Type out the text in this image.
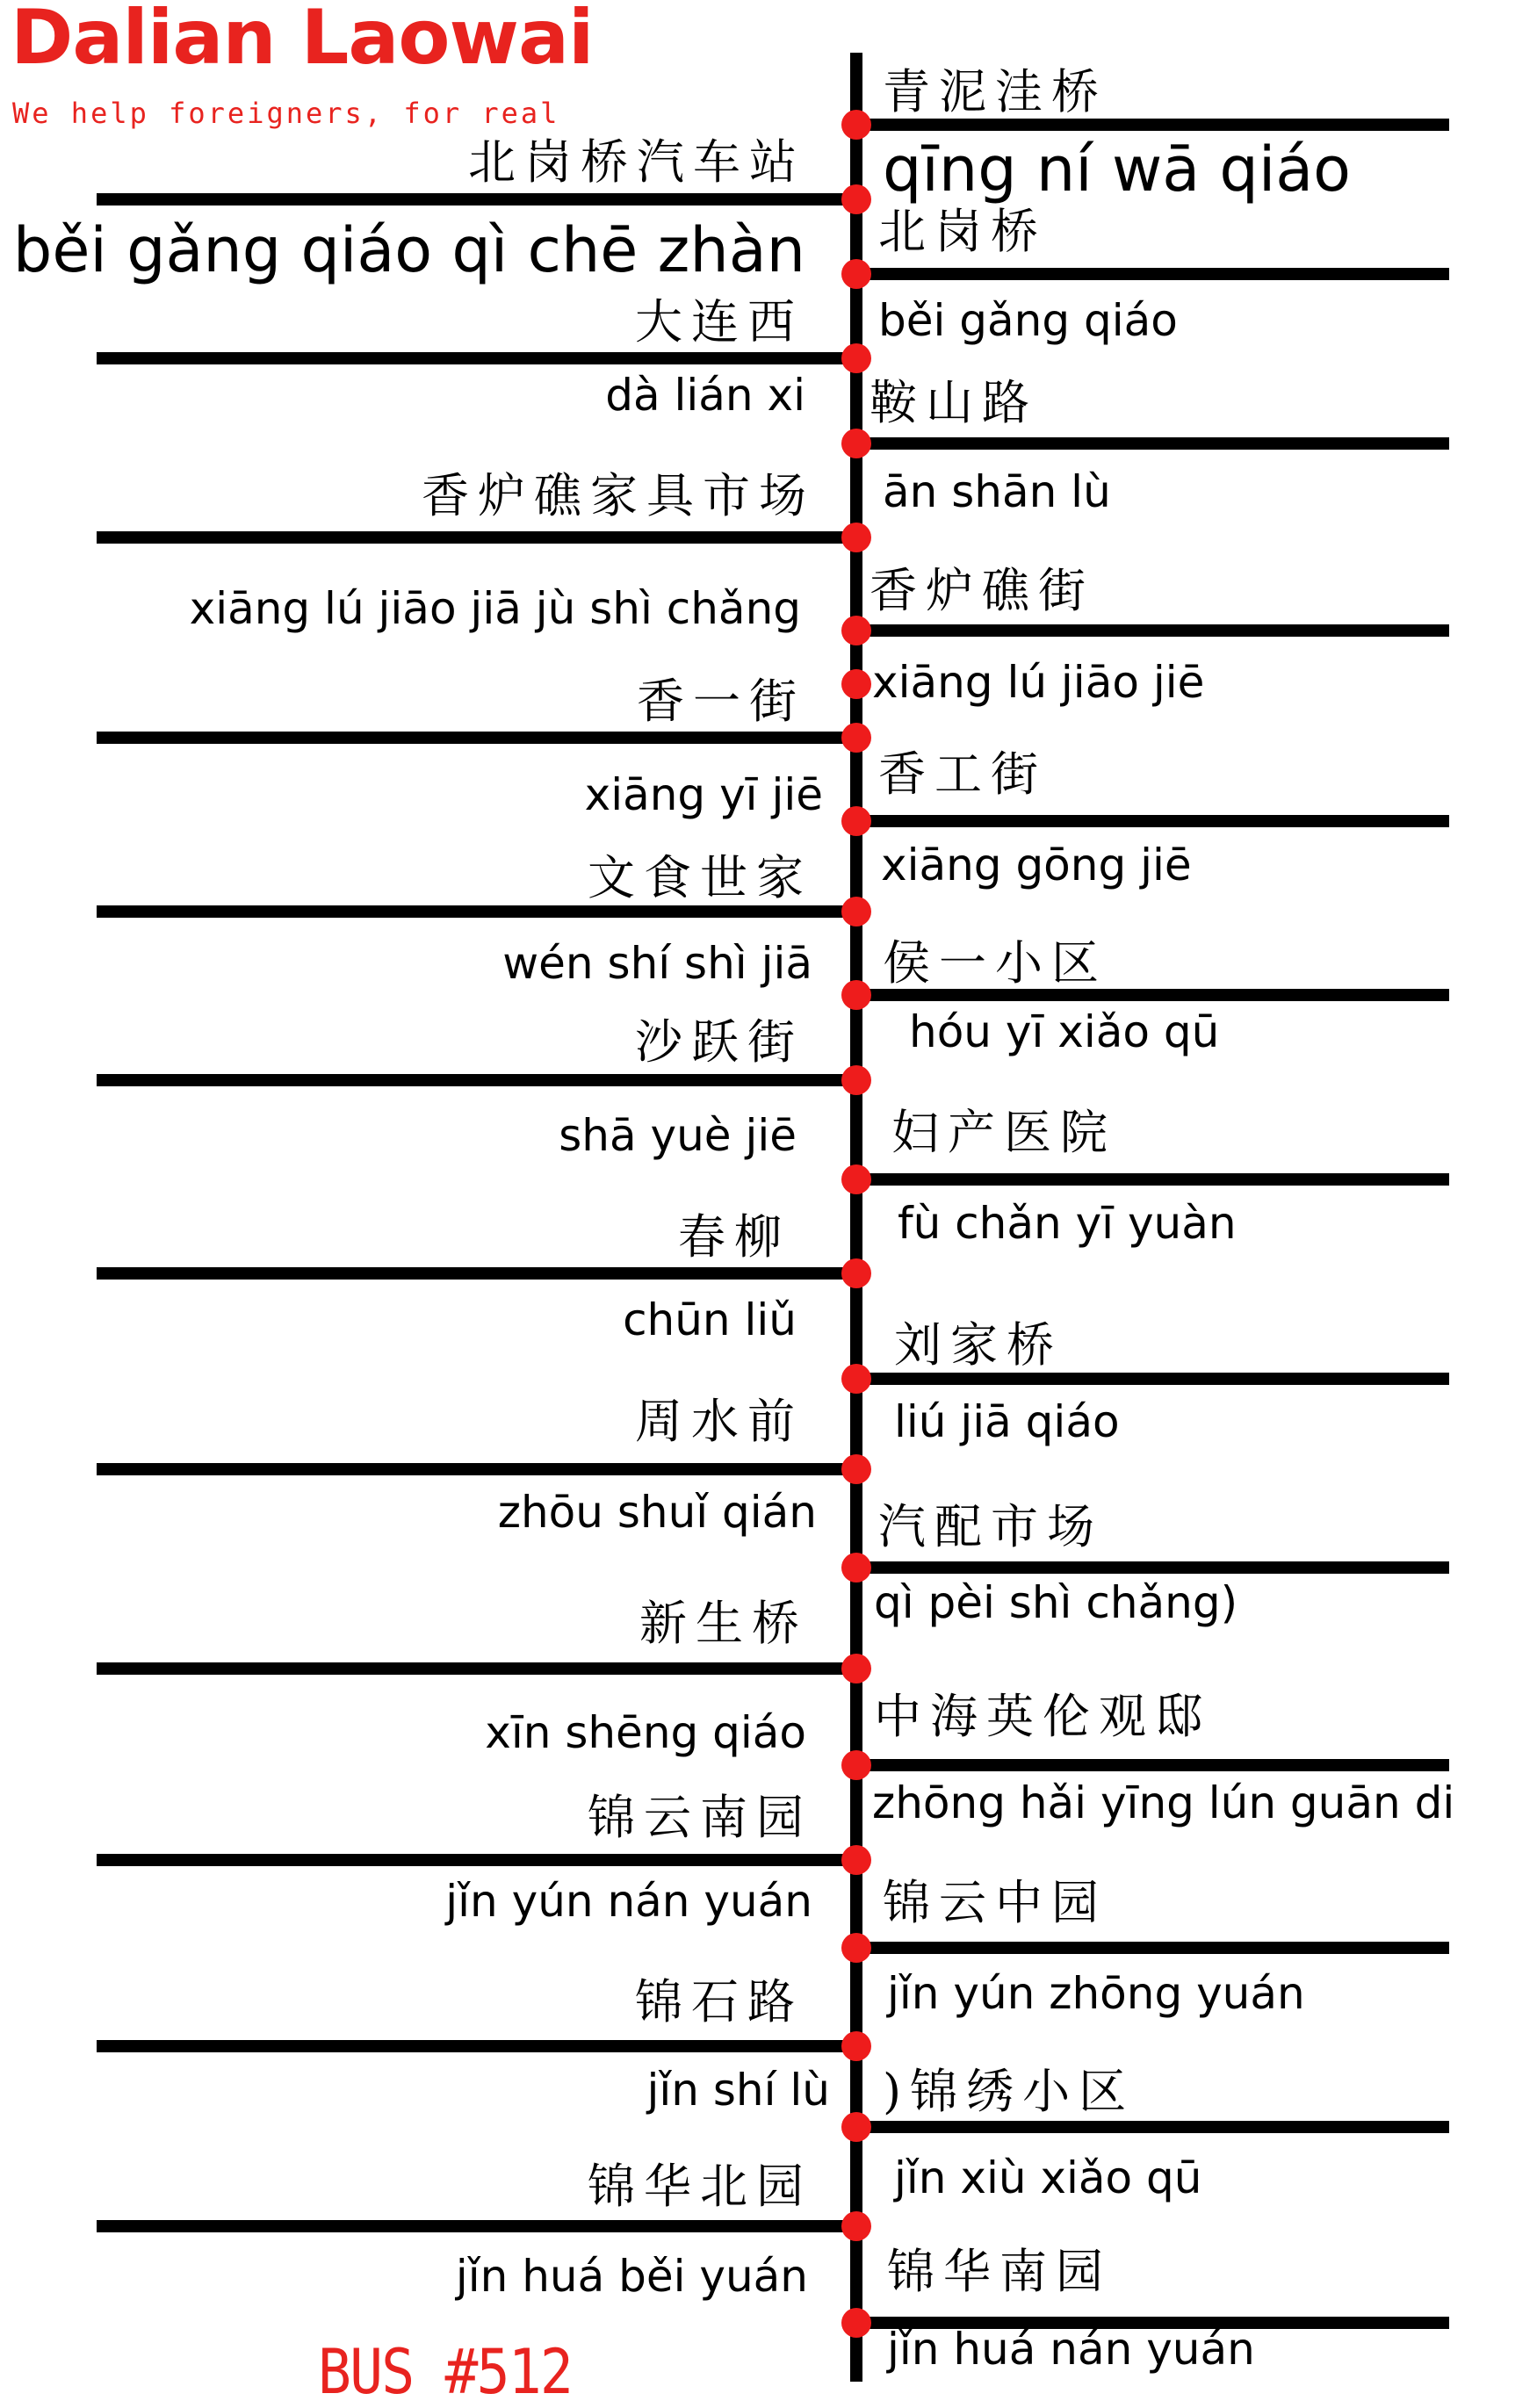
北岗桥汽车站
běi gǎng qiáo qì chē zhàn
大连西
dà lián xi
香炉礁家具市场
xiāng lú jiāo jiā jù shì chǎng
香一街
xiāng yī jiē
文食世家
wén shí shì jiā
沙跃街
shā yuè jiē
春柳
chūn liǔ
周水前
zhōu shuǐ qián
新生桥
xīn shēng qiáo
锦云南园
jǐn yún nán yuán
锦石路
jǐn shí lù
锦华北园
jǐn huá běi yuán
青泥洼桥
qīng ní wā qiáo
北岗桥
běi gǎng qiáo
鞍山路
ān shān lù
香炉礁街
xiāng lú jiāo jiē
香工街
xiāng gōng jiē
侯一小区
hóu yī xiǎo qū
妇产医院
fù chǎn yī yuàn
刘家桥
liú jiā qiáo
汽配市场
qì pèi shì chǎng)
中海英伦观邸
zhōng hǎi yīng lún guān di
锦云中园
jǐn yún zhōng yuán
)锦绣小区
jǐn xiù xiǎo qū
锦华南园
jǐn huá nán yuán
Dalian Laowai
We help foreigners, for real
BUS #512
